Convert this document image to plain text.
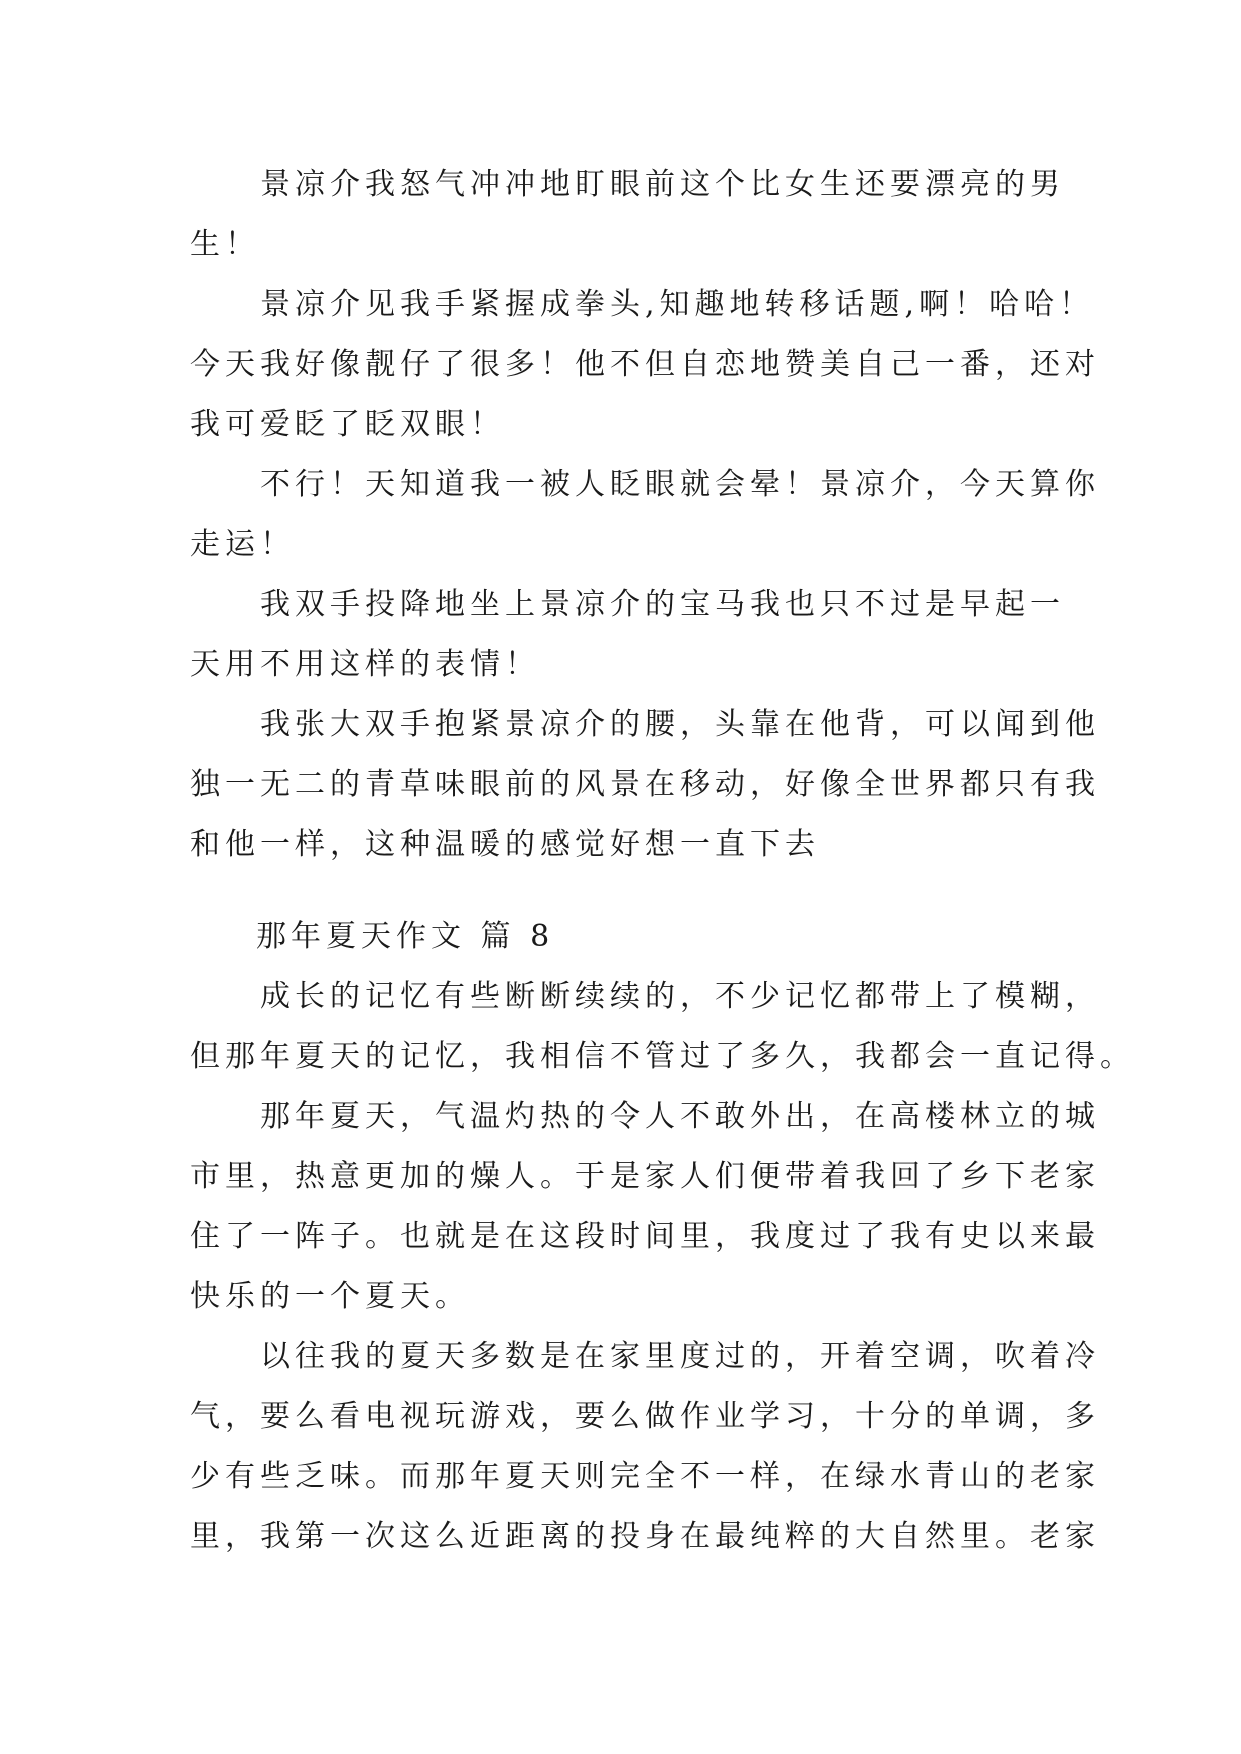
景凉介我怒气冲冲地盯眼前这个比女生还要漂亮的男
生！
景凉介见我手紧握成拳头,知趣地转移话题,啊！哈哈！
今天我好像靓仔了很多！他不但自恋地赞美自己一番，还对
我可爱眨了眨双眼！
不行！天知道我一被人眨眼就会晕！景凉介，今天算你
走运！
我双手投降地坐上景凉介的宝马我也只不过是早起一
天用不用这样的表情！
我张大双手抱紧景凉介的腰，头靠在他背，可以闻到他
独一无二的青草味眼前的风景在移动，好像全世界都只有我
和他一样，这种温暖的感觉好想一直下去
那年夏天作文 篇 8
成长的记忆有些断断续续的，不少记忆都带上了模糊，
但那年夏天的记忆，我相信不管过了多久，我都会一直记得。
那年夏天，气温灼热的令人不敢外出，在高楼林立的城
市里，热意更加的燥人。于是家人们便带着我回了乡下老家
住了一阵子。也就是在这段时间里，我度过了我有史以来最
快乐的一个夏天。
以往我的夏天多数是在家里度过的，开着空调，吹着冷
气，要么看电视玩游戏，要么做作业学习，十分的单调，多
少有些乏味。而那年夏天则完全不一样，在绿水青山的老家
里，我第一次这么近距离的投身在最纯粹的大自然里。老家
